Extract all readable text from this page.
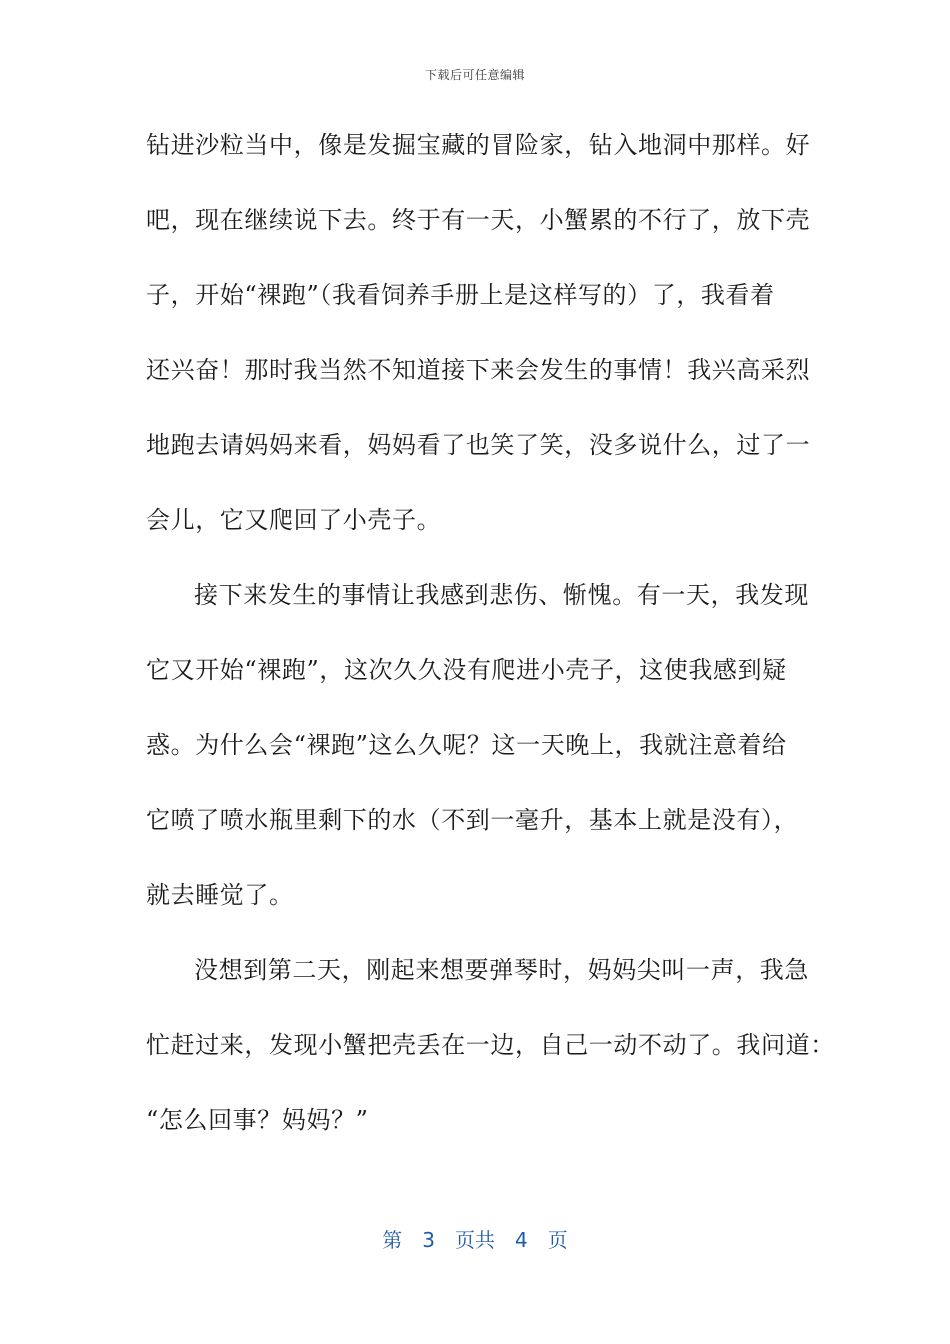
下载后可任意编辑
钻进沙粒当中，像是发掘宝藏的冒险家，钻入地洞中那样。好
吧，现在继续说下去。终于有一天，小蟹累的不行了，放下壳
子，开始“裸跑”（我看饲养手册上是这样写的）了，我看着
还兴奋！那时我当然不知道接下来会发生的事情！我兴高采烈
地跑去请妈妈来看，妈妈看了也笑了笑，没多说什么，过了一
会儿，它又爬回了小壳子。
接下来发生的事情让我感到悲伤、惭愧。有一天，我发现
它又开始“裸跑”，这次久久没有爬进小壳子，这使我感到疑
惑。为什么会“裸跑”这么久呢？这一天晚上，我就注意着给
它喷了喷水瓶里剩下的水（不到一毫升，基本上就是没有），
就去睡觉了。
没想到第二天，刚起来想要弹琴时，妈妈尖叫一声，我急
忙赶过来，发现小蟹把壳丢在一边，自己一动不动了。我问道：
“怎么回事？妈妈？”
第 3 页共 4 页
